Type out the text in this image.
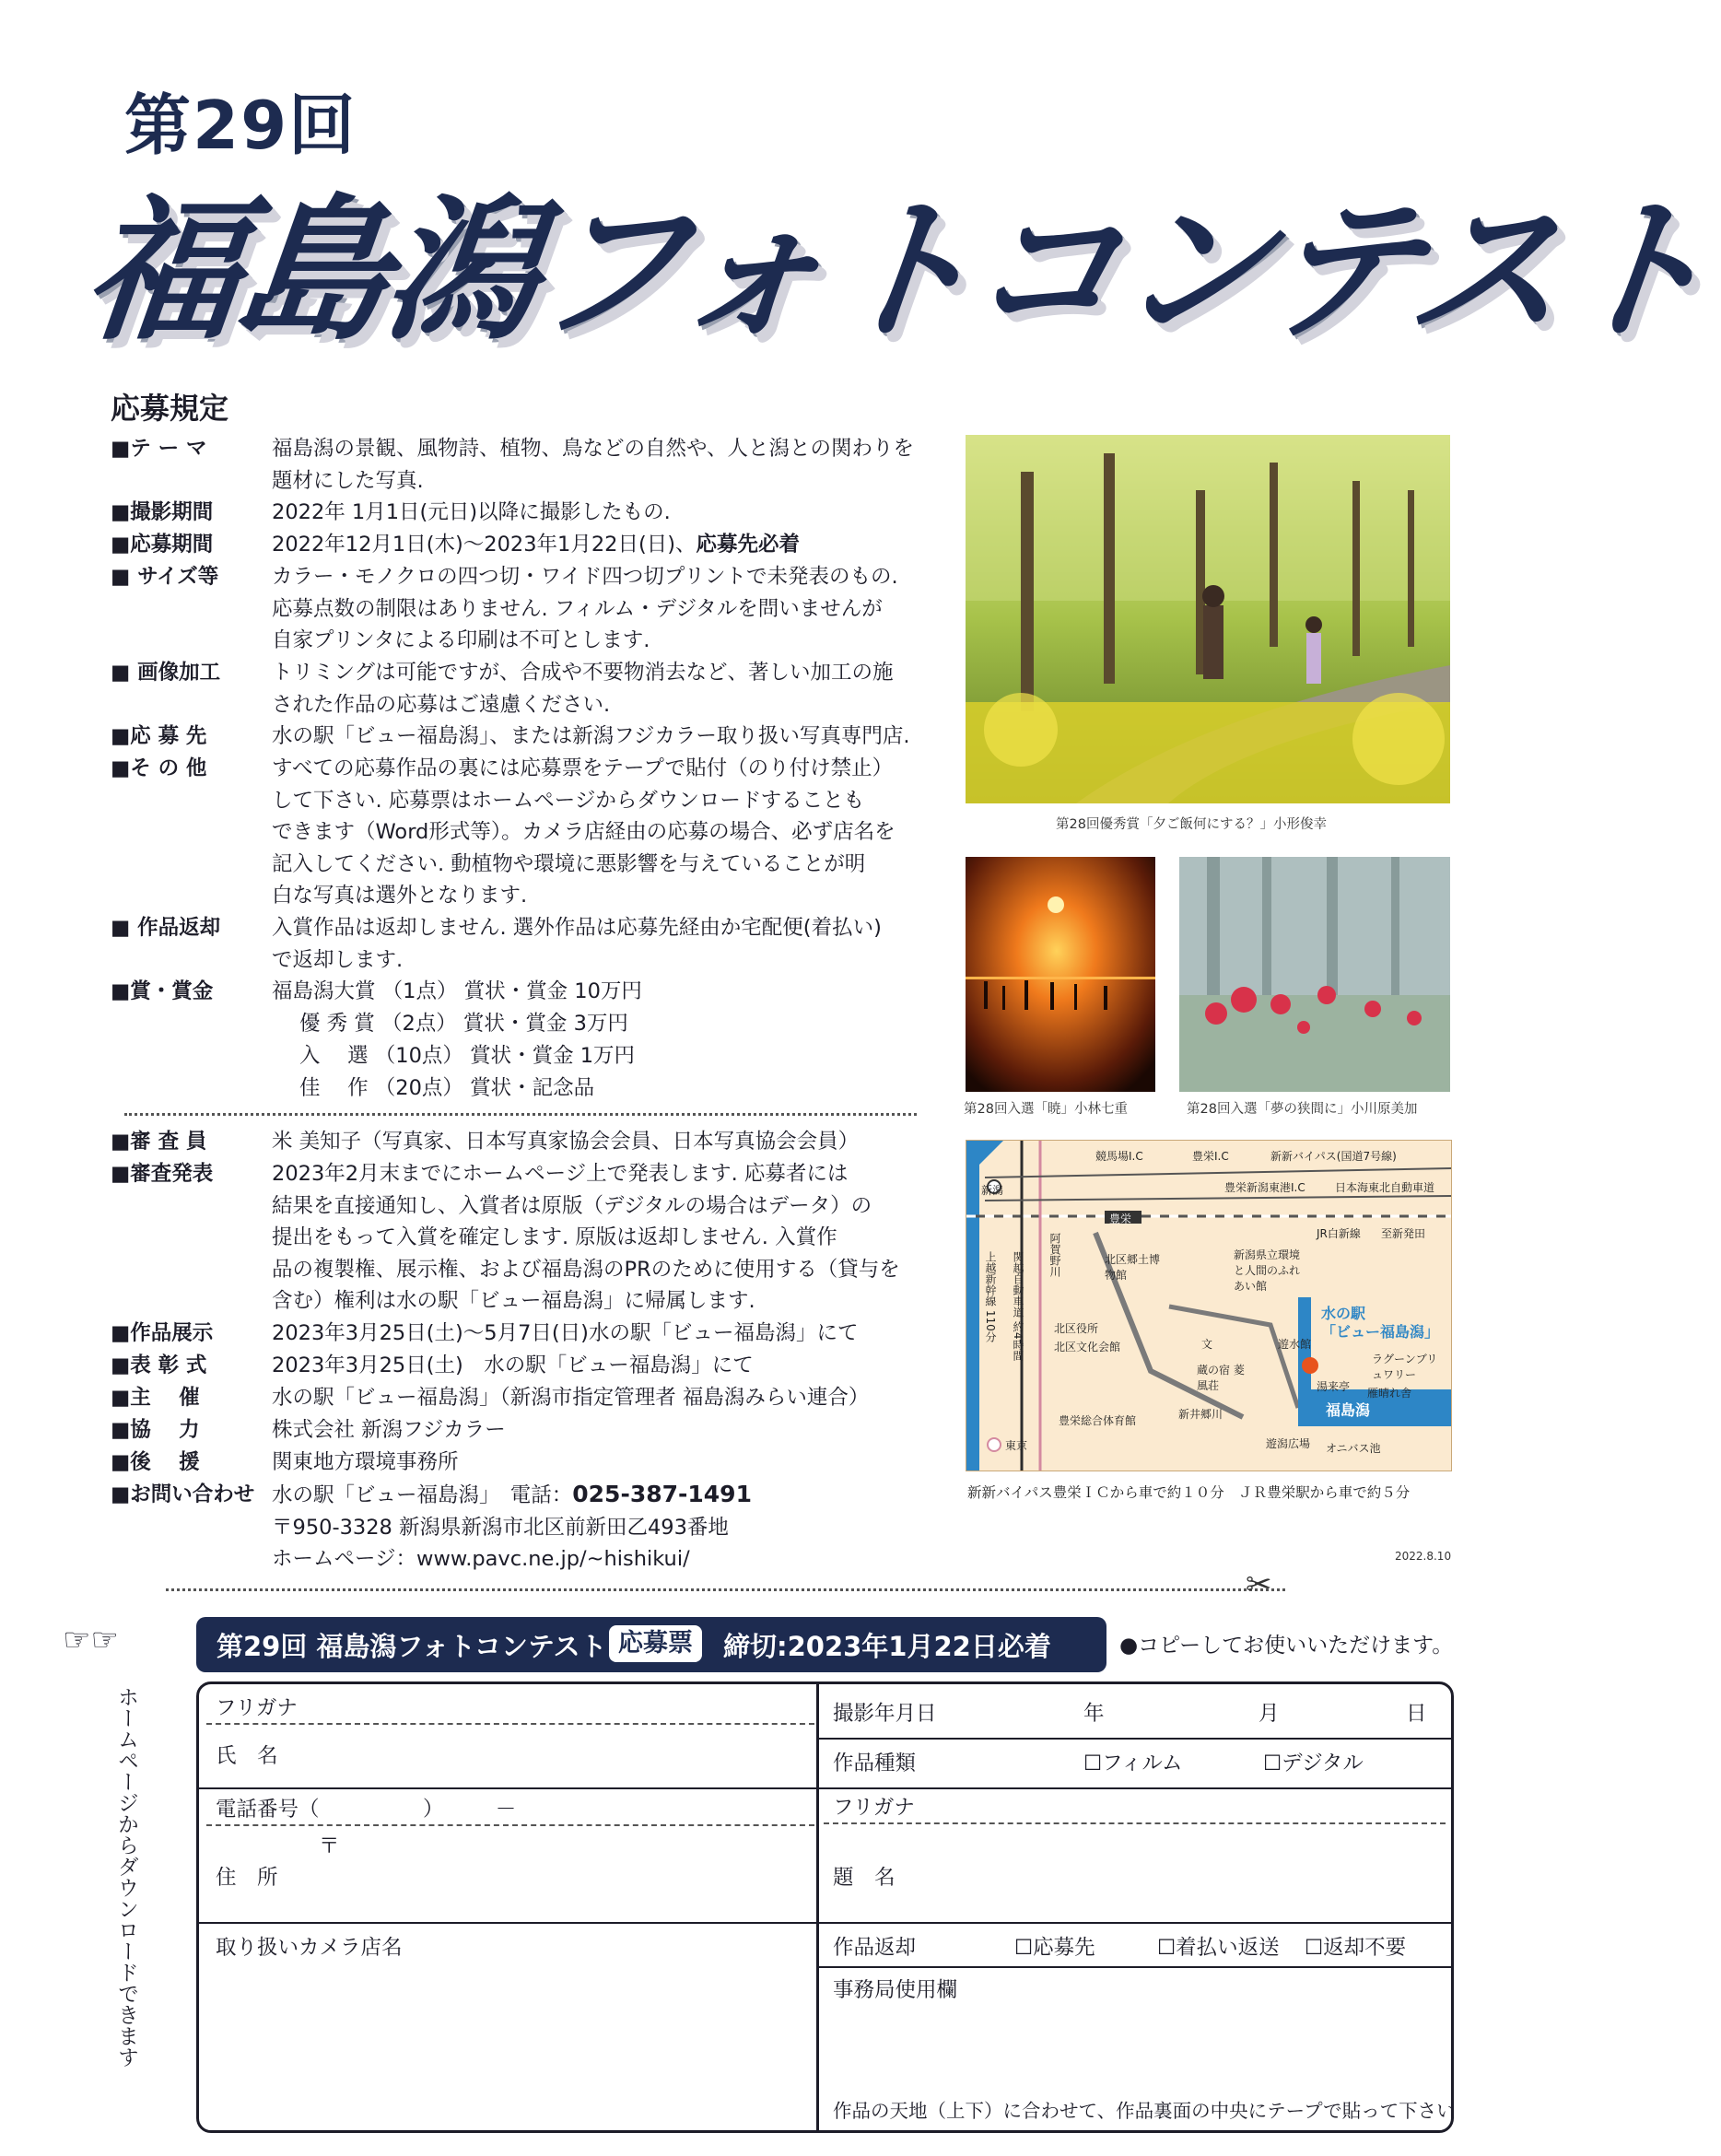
第29回
福島潟フォトコンテスト
応募規定
■テ ー マ	福島潟の景観、風物詩、植物、鳥などの自然や、人と潟との関わりを
題材にした写真.
■撮影期間	2022年 1月1日(元日)以降に撮影したもの.
■応募期間	2022年12月1日(木)～2023年1月22日(日)、応募先必着
■ サイズ等	カラー・モノクロの四つ切・ワイド四つ切プリントで未発表のもの.
応募点数の制限はありません. フィルム・デジタルを問いませんが
自家プリンタによる印刷は不可とします.
■ 画像加工	トリミングは可能ですが、合成や不要物消去など、著しい加工の施
された作品の応募はご遠慮ください.
■応 募 先	水の駅「ビュー福島潟」、または新潟フジカラー取り扱い写真専門店.
■そ の 他	すべての応募作品の裏には応募票をテープで貼付（のり付け禁止）
して下さい. 応募票はホームページからダウンロードすることも
できます（Word形式等）。カメラ店経由の応募の場合、必ず店名を
記入してください. 動植物や環境に悪影響を与えていることが明
白な写真は選外となります.
■ 作品返却	入賞作品は返却しません. 選外作品は応募先経由か宅配便(着払い)
で返却します.
■賞・賞金	福島潟大賞 （1点） 賞状・賞金 10万円
優 秀 賞 （2点） 賞状・賞金 3万円
入　 選 （10点） 賞状・賞金 1万円
佳　 作 （20点） 賞状・記念品
■審 査 員	米 美知子（写真家、日本写真家協会会員、日本写真協会会員）
■審査発表	2023年2月末までにホームページ上で発表します. 応募者には
結果を直接通知し、入賞者は原版（デジタルの場合はデータ）の
提出をもって入賞を確定します. 原版は返却しません. 入賞作
品の複製権、展示権、および福島潟のPRのために使用する（貸与を
含む）権利は水の駅「ビュー福島潟」に帰属します.
■作品展示	2023年3月25日(土)～5月7日(日)水の駅「ビュー福島潟」にて
■表 彰 式	2023年3月25日(土)　水の駅「ビュー福島潟」にて
■主　 催	水の駅「ビュー福島潟」（新潟市指定管理者 福島潟みらい連合）
■協　 力	株式会社 新潟フジカラー
■後　 援	関東地方環境事務所
■お問い合わせ 水の駅「ビュー福島潟」　電話：025-387-1491
〒950-3328 新潟県新潟市北区前新田乙493番地
ホームページ：www.pavc.ne.jp/~hishikui/
第28回優秀賞「夕ご飯何にする？」小形俊幸
第28回入選「暁」小林七重	第28回入選「夢の狭間に」小川原美加
競馬場I.C	豊栄I.C	新新バイパス(国道7号線)
豊栄新潟東港I.C	日本海東北自動車道
新潟
豊栄
JR白新線 至新発田
上越新幹線 110分	阿賀野川
関越自動車道 約4時間	北区郷土博物館
新潟県立環境と人間のふれあい館
水の駅
「ビュー福島潟」
北区役所
北区文化会館	遊水館
ラグーンブリュワリー
蔵の宿 菱風荘	湯来亭 雁晴れ舎
豊栄総合体育館	新井郷川	福島潟
遊潟広場 オニバス池
東京
文
新新バイパス豊栄ＩＣから車で約１０分　ＪＲ豊栄駅から車で約５分
2022.8.10
✂
☞☞
ホームページからダウンロードできます
第29回 福島潟フォトコンテスト 応募票	締切:2023年1月22日必着	●コピーしてお使いいただけます。
フリガナ
氏　名
電話番号（　　　　　）　　　－
〒
住　所
取り扱いカメラ店名
撮影年月日	年	月	日
作品種類	☐フィルム	☐デジタル
フリガナ
題　名
作品返却	☐応募先	☐着払い返送 ☐返却不要
事務局使用欄
作品の天地（上下）に合わせて、作品裏面の中央にテープで貼って下さい
